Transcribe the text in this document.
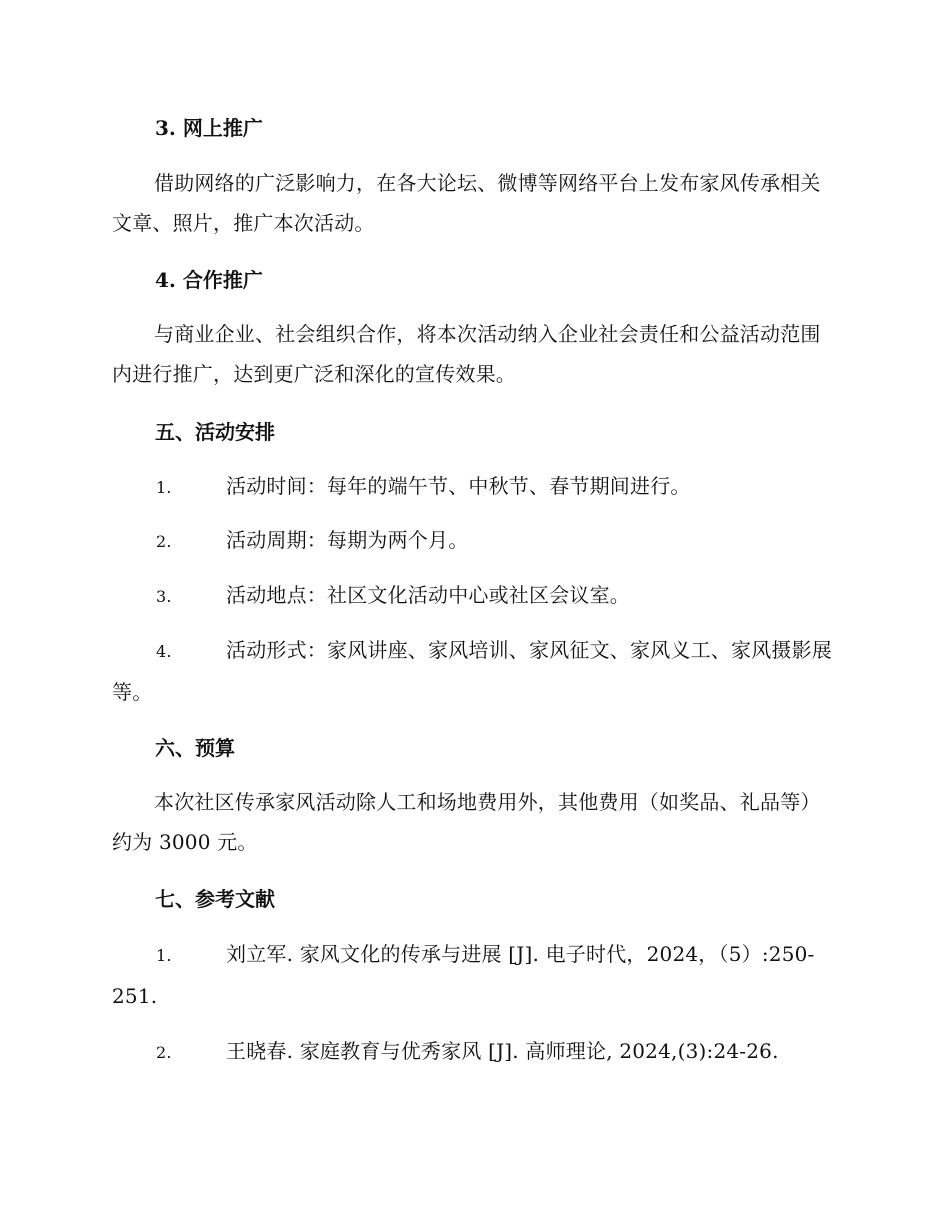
3. 网上推广
借助网络的广泛影响力，在各大论坛、微博等网络平台上发布家风传承相关文章、照片，推广本次活动。
4. 合作推广
与商业企业、社会组织合作，将本次活动纳入企业社会责任和公益活动范围内进行推广，达到更广泛和深化的宣传效果。
五、活动安排
1.	活动时间：每年的端午节、中秋节、春节期间进行。
2.	活动周期：每期为两个月。
3.	活动地点：社区文化活动中心或社区会议室。
4.	活动形式：家风讲座、家风培训、家风征文、家风义工、家风摄影展等。
六、预算
本次社区传承家风活动除人工和场地费用外，其他费用（如奖品、礼品等）约为 3000 元。
七、参考文献
1.	刘立军. 家风文化的传承与进展 [J]. 电子时代，2024，（5）:250-251.
2.	王晓春. 家庭教育与优秀家风 [J]. 高师理论, 2024,(3):24-26.
